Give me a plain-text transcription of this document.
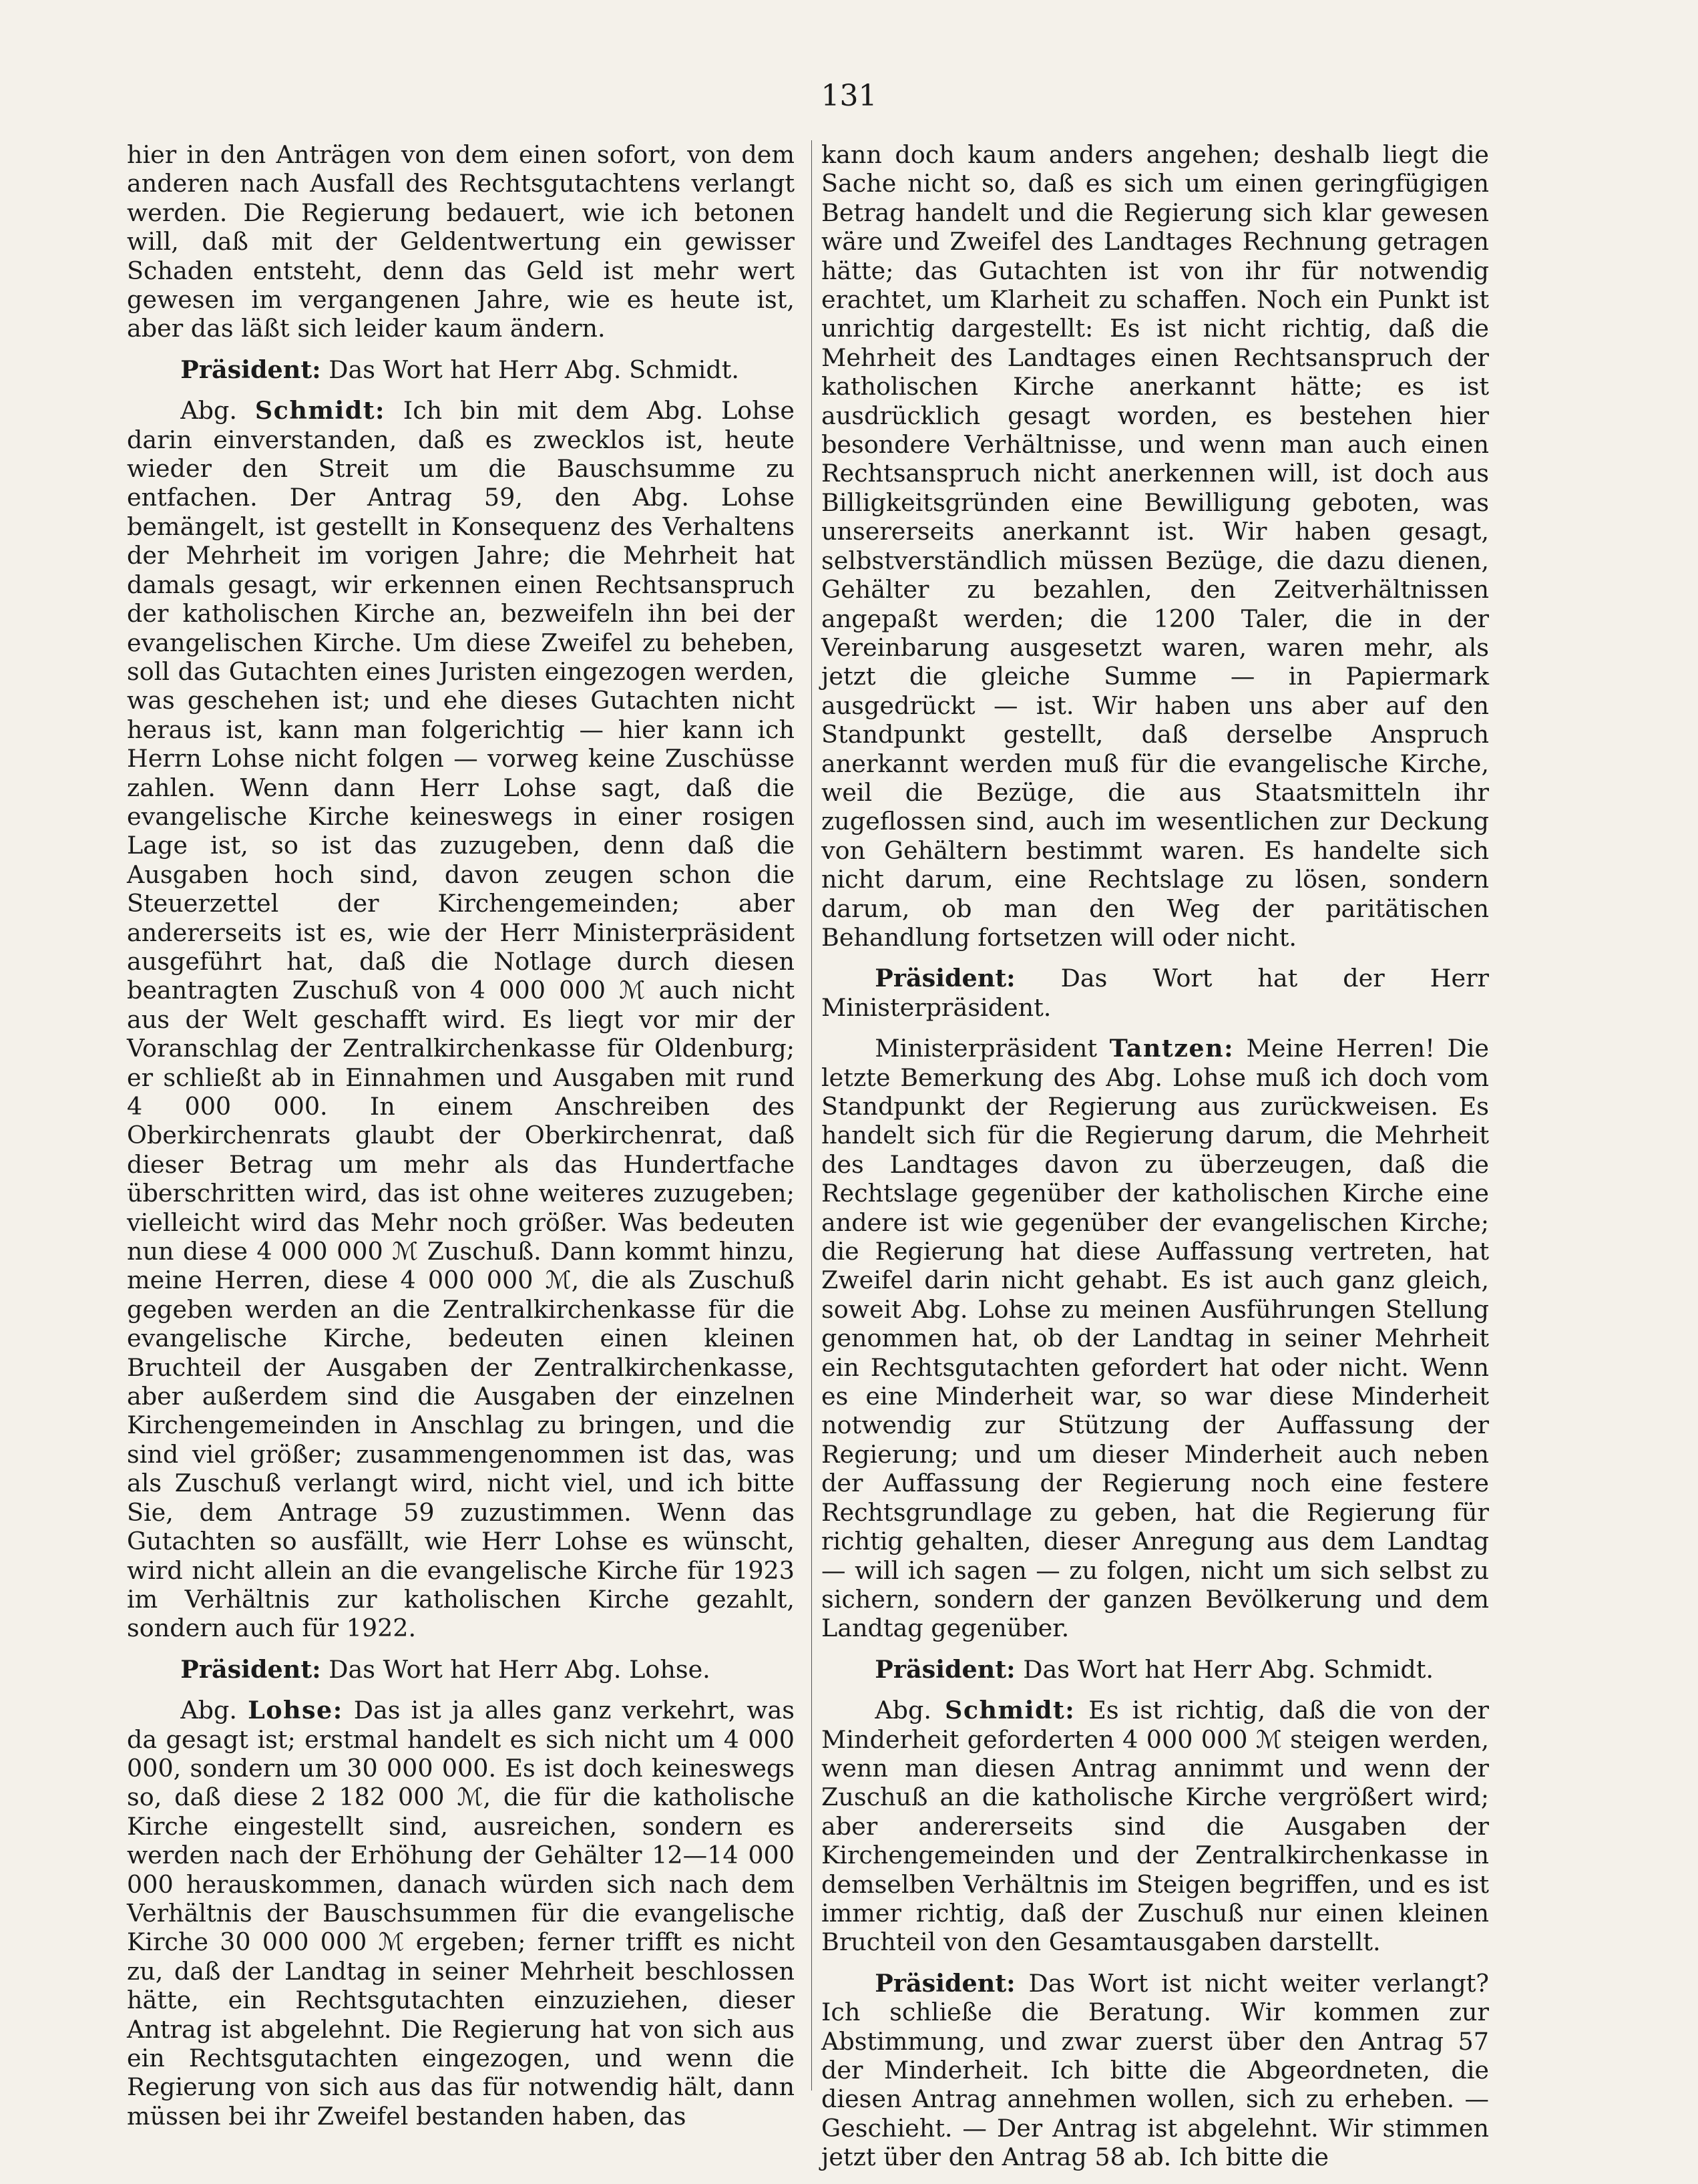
131

hier in den Anträgen von dem einen sofort, von dem anderen nach Ausfall des Rechtsgutachtens verlangt werden. Die Regierung bedauert, wie ich betonen will, daß mit der Geldentwertung ein gewisser Schaden entsteht, denn das Geld ist mehr wert gewesen im vergangenen Jahre, wie es heute ist, aber das läßt sich leider kaum ändern.

Präsident: Das Wort hat Herr Abg. Schmidt.

Abg. Schmidt: Ich bin mit dem Abg. Lohse darin einverstanden, daß es zwecklos ist, heute wieder den Streit um die Bauschsumme zu entfachen. Der Antrag 59, den Abg. Lohse bemängelt, ist gestellt in Konsequenz des Verhaltens der Mehrheit im vorigen Jahre; die Mehrheit hat damals gesagt, wir erkennen einen Rechtsanspruch der katholischen Kirche an, bezweifeln ihn bei der evangelischen Kirche. Um diese Zweifel zu beheben, soll das Gutachten eines Juristen eingezogen werden, was geschehen ist; und ehe dieses Gutachten nicht heraus ist, kann man folgerichtig — hier kann ich Herrn Lohse nicht folgen — vorweg keine Zuschüsse zahlen. Wenn dann Herr Lohse sagt, daß die evangelische Kirche keineswegs in einer rosigen Lage ist, so ist das zuzugeben, denn daß die Ausgaben hoch sind, davon zeugen schon die Steuerzettel der Kirchengemeinden; aber andererseits ist es, wie der Herr Ministerpräsident ausgeführt hat, daß die Notlage durch diesen beantragten Zuschuß von 4 000 000 ℳ auch nicht aus der Welt geschafft wird. Es liegt vor mir der Voranschlag der Zentralkirchenkasse für Oldenburg; er schließt ab in Einnahmen und Ausgaben mit rund 4 000 000. In einem Anschreiben des Oberkirchenrats glaubt der Oberkirchenrat, daß dieser Betrag um mehr als das Hundertfache überschritten wird, das ist ohne weiteres zuzugeben; vielleicht wird das Mehr noch größer. Was bedeuten nun diese 4 000 000 ℳ Zuschuß. Dann kommt hinzu, meine Herren, diese 4 000 000 ℳ, die als Zuschuß gegeben werden an die Zentralkirchenkasse für die evangelische Kirche, bedeuten einen kleinen Bruchteil der Ausgaben der Zentralkirchenkasse, aber außerdem sind die Ausgaben der einzelnen Kirchengemeinden in Anschlag zu bringen, und die sind viel größer; zusammengenommen ist das, was als Zuschuß verlangt wird, nicht viel, und ich bitte Sie, dem Antrage 59 zuzustimmen. Wenn das Gutachten so ausfällt, wie Herr Lohse es wünscht, wird nicht allein an die evangelische Kirche für 1923 im Verhältnis zur katholischen Kirche gezahlt, sondern auch für 1922.

Präsident: Das Wort hat Herr Abg. Lohse.

Abg. Lohse: Das ist ja alles ganz verkehrt, was da gesagt ist; erstmal handelt es sich nicht um 4 000 000, sondern um 30 000 000. Es ist doch keineswegs so, daß diese 2 182 000 ℳ, die für die katholische Kirche eingestellt sind, ausreichen, sondern es werden nach der Erhöhung der Gehälter 12—14 000 000 herauskommen, danach würden sich nach dem Verhältnis der Bauschsummen für die evangelische Kirche 30 000 000 ℳ ergeben; ferner trifft es nicht zu, daß der Landtag in seiner Mehrheit beschlossen hätte, ein Rechtsgutachten einzuziehen, dieser Antrag ist abgelehnt. Die Regierung hat von sich aus ein Rechtsgutachten eingezogen, und wenn die Regierung von sich aus das für notwendig hält, dann müssen bei ihr Zweifel bestanden haben, das

kann doch kaum anders angehen; deshalb liegt die Sache nicht so, daß es sich um einen geringfügigen Betrag handelt und die Regierung sich klar gewesen wäre und Zweifel des Landtages Rechnung getragen hätte; das Gutachten ist von ihr für notwendig erachtet, um Klarheit zu schaffen. Noch ein Punkt ist unrichtig dargestellt: Es ist nicht richtig, daß die Mehrheit des Landtages einen Rechtsanspruch der katholischen Kirche anerkannt hätte; es ist ausdrücklich gesagt worden, es bestehen hier besondere Verhältnisse, und wenn man auch einen Rechtsanspruch nicht anerkennen will, ist doch aus Billigkeitsgründen eine Bewilligung geboten, was unsererseits anerkannt ist. Wir haben gesagt, selbstverständlich müssen Bezüge, die dazu dienen, Gehälter zu bezahlen, den Zeitverhältnissen angepaßt werden; die 1200 Taler, die in der Vereinbarung ausgesetzt waren, waren mehr, als jetzt die gleiche Summe — in Papiermark ausgedrückt — ist. Wir haben uns aber auf den Standpunkt gestellt, daß derselbe Anspruch anerkannt werden muß für die evangelische Kirche, weil die Bezüge, die aus Staatsmitteln ihr zugeflossen sind, auch im wesentlichen zur Deckung von Gehältern bestimmt waren. Es handelte sich nicht darum, eine Rechtslage zu lösen, sondern darum, ob man den Weg der paritätischen Behandlung fortsetzen will oder nicht.

Präsident: Das Wort hat der Herr Ministerpräsident.

Ministerpräsident Tantzen: Meine Herren! Die letzte Bemerkung des Abg. Lohse muß ich doch vom Standpunkt der Regierung aus zurückweisen. Es handelt sich für die Regierung darum, die Mehrheit des Landtages davon zu überzeugen, daß die Rechtslage gegenüber der katholischen Kirche eine andere ist wie gegenüber der evangelischen Kirche; die Regierung hat diese Auffassung vertreten, hat Zweifel darin nicht gehabt. Es ist auch ganz gleich, soweit Abg. Lohse zu meinen Ausführungen Stellung genommen hat, ob der Landtag in seiner Mehrheit ein Rechtsgutachten gefordert hat oder nicht. Wenn es eine Minderheit war, so war diese Minderheit notwendig zur Stützung der Auffassung der Regierung; und um dieser Minderheit auch neben der Auffassung der Regierung noch eine festere Rechtsgrundlage zu geben, hat die Regierung für richtig gehalten, dieser Anregung aus dem Landtag — will ich sagen — zu folgen, nicht um sich selbst zu sichern, sondern der ganzen Bevölkerung und dem Landtag gegenüber.

Präsident: Das Wort hat Herr Abg. Schmidt.

Abg. Schmidt: Es ist richtig, daß die von der Minderheit geforderten 4 000 000 ℳ steigen werden, wenn man diesen Antrag annimmt und wenn der Zuschuß an die katholische Kirche vergrößert wird; aber andererseits sind die Ausgaben der Kirchengemeinden und der Zentralkirchenkasse in demselben Verhältnis im Steigen begriffen, und es ist immer richtig, daß der Zuschuß nur einen kleinen Bruchteil von den Gesamtausgaben darstellt.

Präsident: Das Wort ist nicht weiter verlangt? Ich schließe die Beratung. Wir kommen zur Abstimmung, und zwar zuerst über den Antrag 57 der Minderheit. Ich bitte die Abgeordneten, die diesen Antrag annehmen wollen, sich zu erheben. — Geschieht. — Der Antrag ist abgelehnt. Wir stimmen jetzt über den Antrag 58 ab. Ich bitte die
